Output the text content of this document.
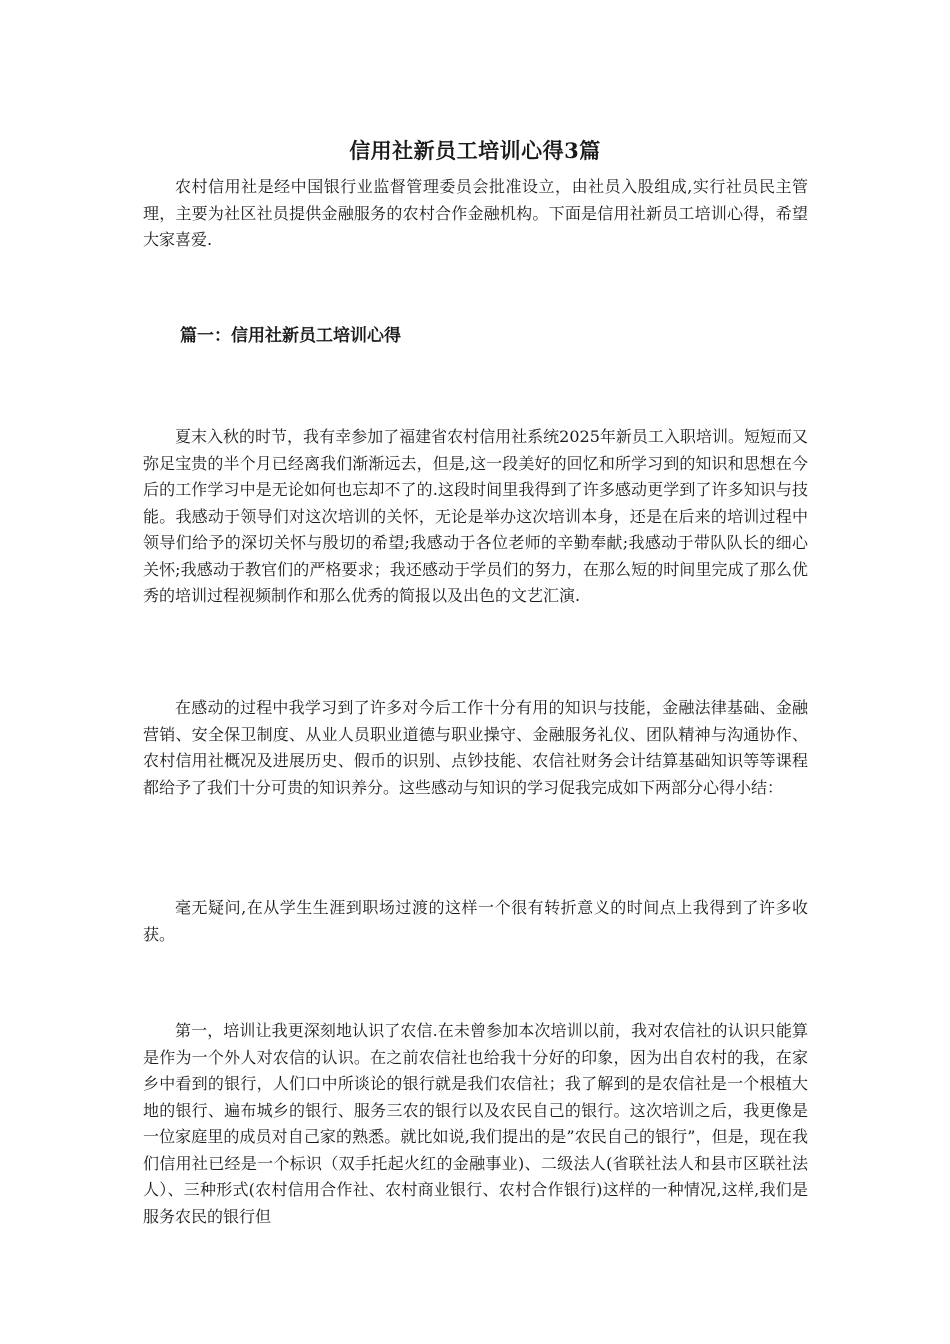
信用社新员工培训心得3篇

农村信用社是经中国银行业监督管理委员会批准设立，由社员入股组成,实行社员民主管理，主要为社区社员提供金融服务的农村合作金融机构。下面是信用社新员工培训心得，希望大家喜爱.

篇一：信用社新员工培训心得

夏末入秋的时节，我有幸参加了福建省农村信用社系统2025年新员工入职培训。短短而又弥足宝贵的半个月已经离我们渐渐远去，但是,这一段美好的回忆和所学习到的知识和思想在今后的工作学习中是无论如何也忘却不了的.这段时间里我得到了许多感动更学到了许多知识与技能。我感动于领导们对这次培训的关怀，无论是举办这次培训本身，还是在后来的培训过程中领导们给予的深切关怀与殷切的希望;我感动于各位老师的辛勤奉献;我感动于带队队长的细心关怀;我感动于教官们的严格要求；我还感动于学员们的努力，在那么短的时间里完成了那么优秀的培训过程视频制作和那么优秀的简报以及出色的文艺汇演.

在感动的过程中我学习到了许多对今后工作十分有用的知识与技能，金融法律基础、金融营销、安全保卫制度、从业人员职业道德与职业操守、金融服务礼仪、团队精神与沟通协作、农村信用社概况及进展历史、假币的识别、点钞技能、农信社财务会计结算基础知识等等课程都给予了我们十分可贵的知识养分。这些感动与知识的学习促我完成如下两部分心得小结：

毫无疑问,在从学生生涯到职场过渡的这样一个很有转折意义的时间点上我得到了许多收获。

第一，培训让我更深刻地认识了农信.在未曾参加本次培训以前，我对农信社的认识只能算是作为一个外人对农信的认识。在之前农信社也给我十分好的印象，因为出自农村的我，在家乡中看到的银行，人们口中所谈论的银行就是我们农信社；我了解到的是农信社是一个根植大地的银行、遍布城乡的银行、服务三农的银行以及农民自己的银行。这次培训之后，我更像是一位家庭里的成员对自己家的熟悉。就比如说,我们提出的是”农民自己的银行”，但是，现在我们信用社已经是一个标识（双手托起火红的金融事业)、二级法人(省联社法人和县市区联社法人）、三种形式(农村信用合作社、农村商业银行、农村合作银行)这样的一种情况,这样,我们是服务农民的银行但
